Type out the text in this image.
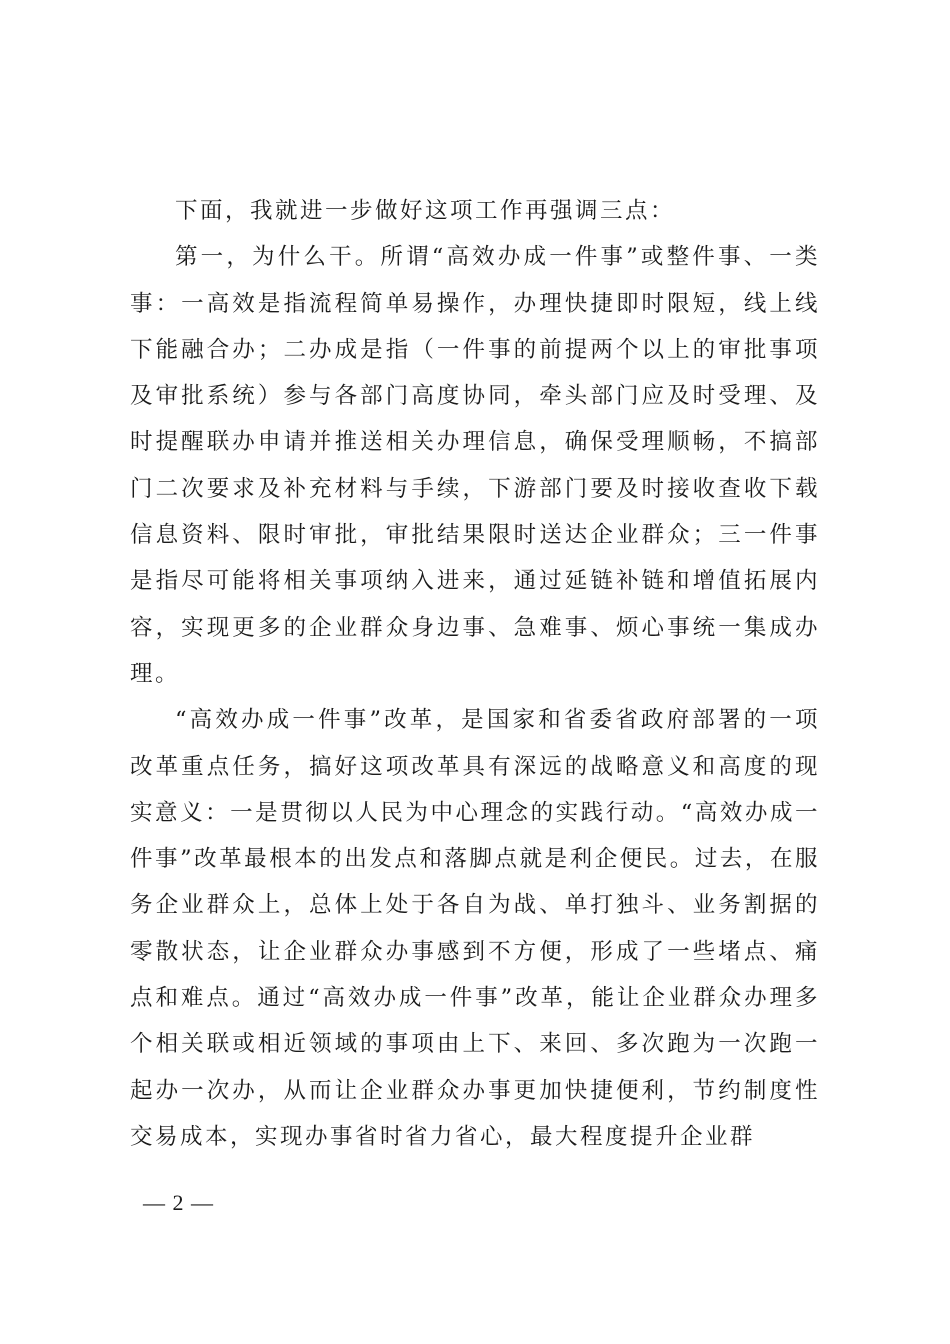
下面，我就进一步做好这项工作再强调三点：

第一，为什么干。所谓“高效办成一件事”或整件事、一类事：一高效是指流程简单易操作，办理快捷即时限短，线上线下能融合办；二办成是指（一件事的前提两个以上的审批事项及审批系统）参与各部门高度协同，牵头部门应及时受理、及时提醒联办申请并推送相关办理信息，确保受理顺畅，不搞部门二次要求及补充材料与手续，下游部门要及时接收查收下载信息资料、限时审批，审批结果限时送达企业群众；三一件事是指尽可能将相关事项纳入进来，通过延链补链和增值拓展内容，实现更多的企业群众身边事、急难事、烦心事统一集成办理。

“高效办成一件事”改革，是国家和省委省政府部署的一项改革重点任务，搞好这项改革具有深远的战略意义和高度的现实意义：一是贯彻以人民为中心理念的实践行动。“高效办成一件事”改革最根本的出发点和落脚点就是利企便民。过去，在服务企业群众上，总体上处于各自为战、单打独斗、业务割据的零散状态，让企业群众办事感到不方便，形成了一些堵点、痛点和难点。通过“高效办成一件事”改革，能让企业群众办理多个相关联或相近领域的事项由上下、来回、多次跑为一次跑一起办一次办，从而让企业群众办事更加快捷便利，节约制度性交易成本，实现办事省时省力省心，最大程度提升企业群

— 2 —
